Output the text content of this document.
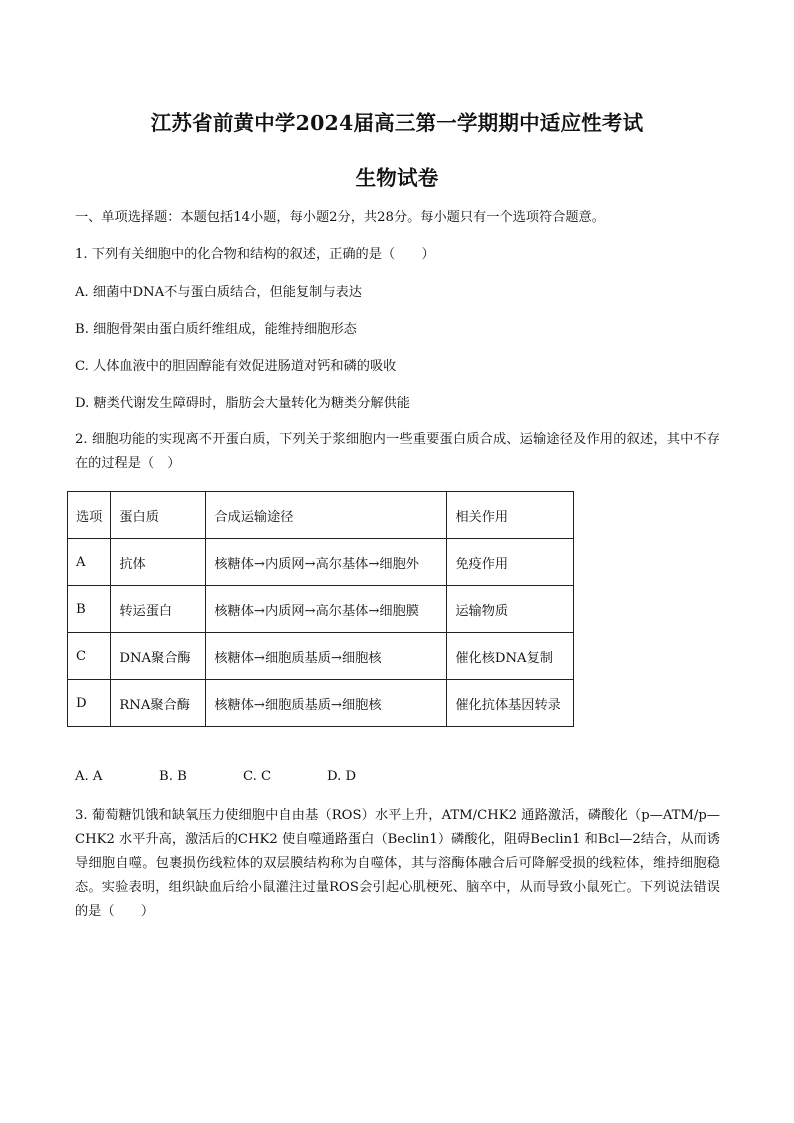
江苏省前黄中学2024届高三第一学期期中适应性考试
生物试卷
一、单项选择题：本题包括14小题，每小题2分，共28分。每小题只有一个选项符合题意。
1. 下列有关细胞中的化合物和结构的叙述，正确的是（　　）
A. 细菌中DNA不与蛋白质结合，但能复制与表达
B. 细胞骨架由蛋白质纤维组成，能维持细胞形态
C. 人体血液中的胆固醇能有效促进肠道对钙和磷的吸收
D. 糖类代谢发生障碍时，脂肪会大量转化为糖类分解供能
2. 细胞功能的实现离不开蛋白质，下列关于浆细胞内一些重要蛋白质合成、运输途径及作用的叙述，其中不存在的过程是（　）
选项	蛋白质	合成运输途径	相关作用
A	抗体	核糖体→内质网→高尔基体→细胞外	免疫作用
B	转运蛋白	核糖体→内质网→高尔基体→细胞膜	运输物质
C	DNA聚合酶	核糖体→细胞质基质→细胞核	催化核DNA复制
D	RNA聚合酶	核糖体→细胞质基质→细胞核	催化抗体基因转录
A. A	B. B	C. C	D. D
3. 葡萄糖饥饿和缺氧压力使细胞中自由基（ROS）水平上升，ATM/CHK2 通路激活，磷酸化（p—ATM/p—CHK2 水平升高，激活后的CHK2 使自噬通路蛋白（Beclin1）磷酸化，阻碍Beclin1 和Bcl—2结合，从而诱导细胞自噬。包裹损伤线粒体的双层膜结构称为自噬体，其与溶酶体融合后可降解受损的线粒体，维持细胞稳态。实验表明，组织缺血后给小鼠灌注过量ROS会引起心肌梗死、脑卒中，从而导致小鼠死亡。下列说法错误的是（　　）
